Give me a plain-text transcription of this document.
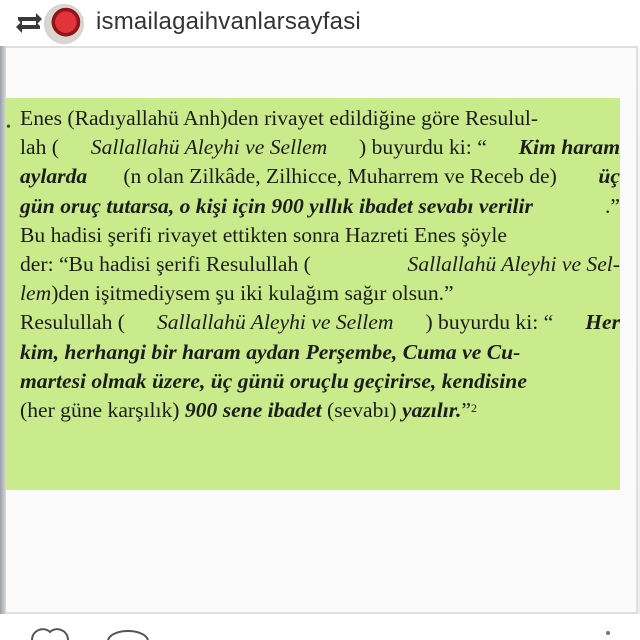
ismailagaihvanlarsayfasi
• Enes (Radıyallahü Anh)den rivayet edildiğine göre Resulul-
lah ( Sallallahü Aleyhi ve Sellem ) buyurdu ki: “ Kim haram
aylarda (n olan Zilkâde, Zilhicce, Muharrem ve Receb de) üç
gün oruç tutarsa, o kişi için 900 yıllık ibadet sevabı verilir	.”
Bu hadisi şerifi rivayet ettikten sonra Hazreti Enes şöyle
der: “Bu hadisi şerifi Resulullah (	Sallallahü Aleyhi ve Sel-
lem )den işitmediysem şu iki kulağım sağır olsun.”
Resulullah ( Sallallahü Aleyhi ve Sellem ) buyurdu ki: “ Her
kim, herhangi bir haram aydan Perşembe, Cuma ve Cu-
martesi olmak üzere, üç günü oruçlu geçirirse, kendisine
(her güne karşılık) 900 sene ibadet (sevabı) yazılır. ”$^2$
